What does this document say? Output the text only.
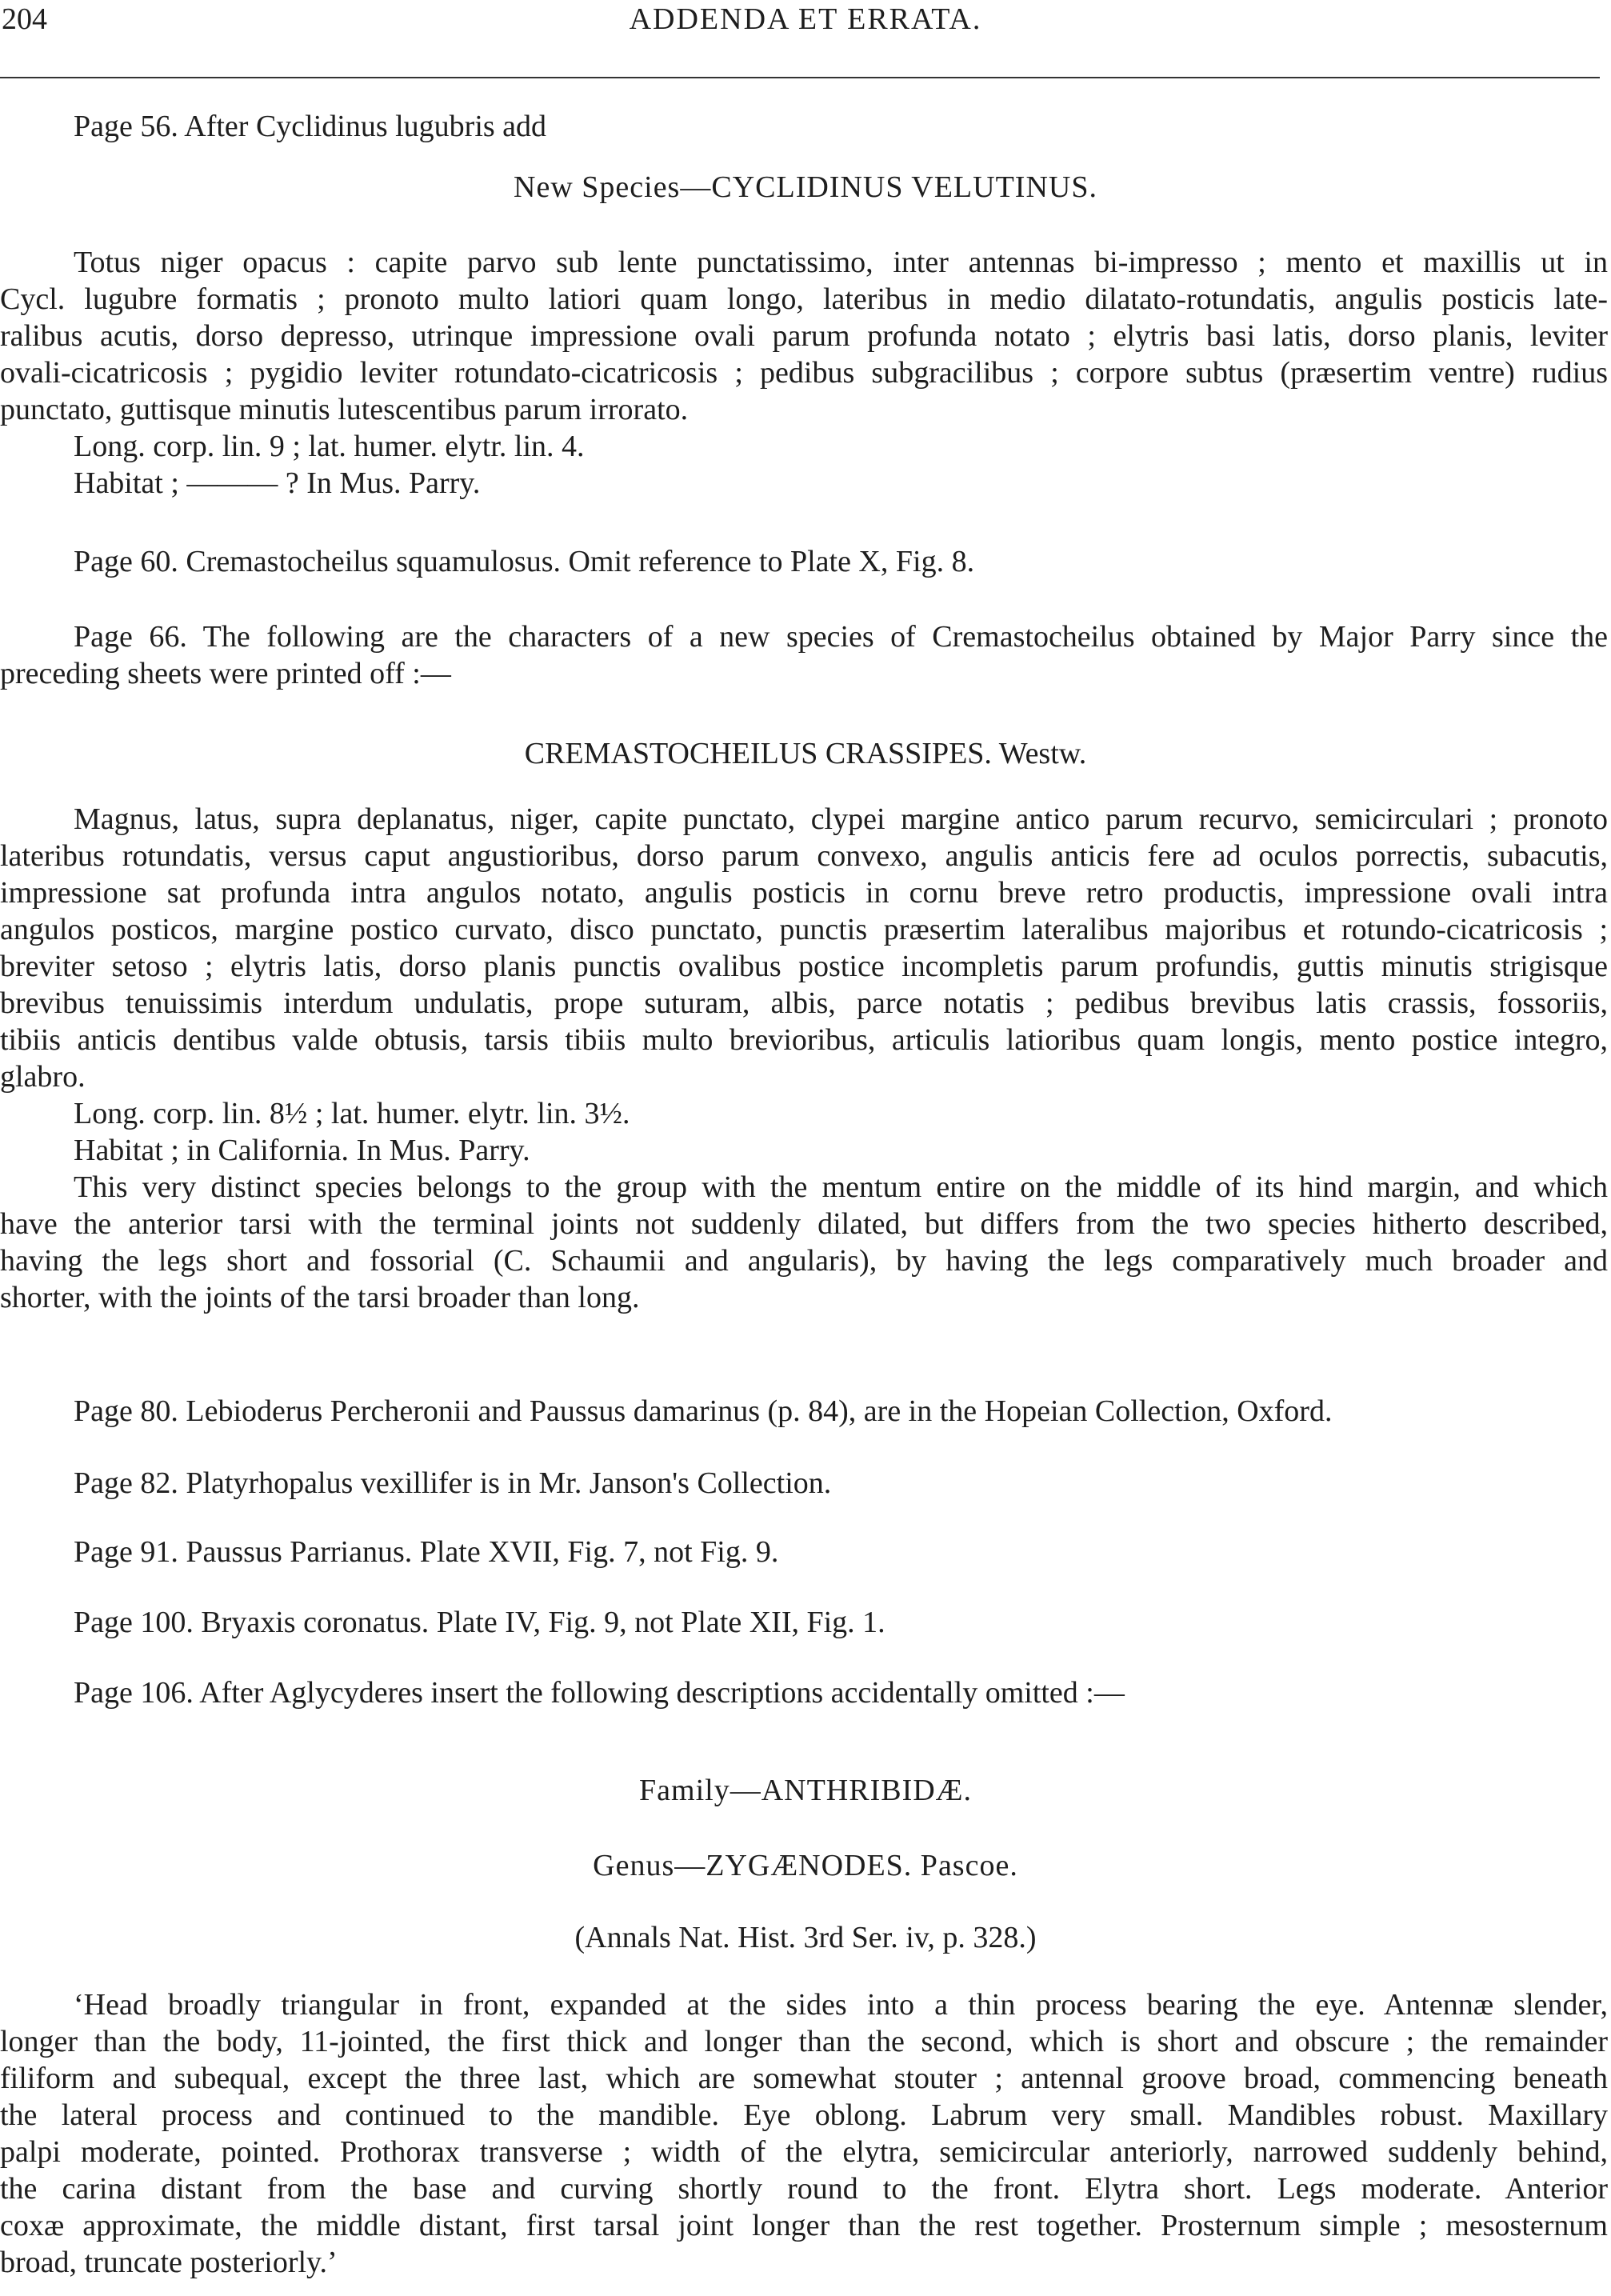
204	ADDENDA ET ERRATA.
Page 56. After Cyclidinus lugubris add
New Species—CYCLIDINUS VELUTINUS.
Totus niger opacus : capite parvo sub lente punctatissimo, inter antennas bi-impresso ; mento et maxillis ut in
Cycl. lugubre formatis ; pronoto multo latiori quam longo, lateribus in medio dilatato-rotundatis, angulis posticis late-
ralibus acutis, dorso depresso, utrinque impressione ovali parum profunda notato ; elytris basi latis, dorso planis, leviter
ovali-cicatricosis ; pygidio leviter rotundato-cicatricosis ; pedibus subgracilibus ; corpore subtus (præsertim ventre) rudius
punctato, guttisque minutis lutescentibus parum irrorato.
Long. corp. lin. 9 ; lat. humer. elytr. lin. 4.
Habitat ; ——— ? In Mus. Parry.
Page 60. Cremastocheilus squamulosus. Omit reference to Plate X, Fig. 8.
Page 66. The following are the characters of a new species of Cremastocheilus obtained by Major Parry since the
preceding sheets were printed off :—
CREMASTOCHEILUS CRASSIPES. Westw.
Magnus, latus, supra deplanatus, niger, capite punctato, clypei margine antico parum recurvo, semicirculari ; pronoto
lateribus rotundatis, versus caput angustioribus, dorso parum convexo, angulis anticis fere ad oculos porrectis, subacutis,
impressione sat profunda intra angulos notato, angulis posticis in cornu breve retro productis, impressione ovali intra
angulos posticos, margine postico curvato, disco punctato, punctis præsertim lateralibus majoribus et rotundo-cicatricosis ;
breviter setoso ; elytris latis, dorso planis punctis ovalibus postice incompletis parum profundis, guttis minutis strigisque
brevibus tenuissimis interdum undulatis, prope suturam, albis, parce notatis ; pedibus brevibus latis crassis, fossoriis,
tibiis anticis dentibus valde obtusis, tarsis tibiis multo brevioribus, articulis latioribus quam longis, mento postice integro,
glabro.
Long. corp. lin. 8½ ; lat. humer. elytr. lin. 3½.
Habitat ; in California. In Mus. Parry.
This very distinct species belongs to the group with the mentum entire on the middle of its hind margin, and which
have the anterior tarsi with the terminal joints not suddenly dilated, but differs from the two species hitherto described,
having the legs short and fossorial (C. Schaumii and angularis), by having the legs comparatively much broader and
shorter, with the joints of the tarsi broader than long.
Page 80. Lebioderus Percheronii and Paussus damarinus (p. 84), are in the Hopeian Collection, Oxford.
Page 82. Platyrhopalus vexillifer is in Mr. Janson's Collection.
Page 91. Paussus Parrianus. Plate XVII, Fig. 7, not Fig. 9.
Page 100. Bryaxis coronatus. Plate IV, Fig. 9, not Plate XII, Fig. 1.
Page 106. After Aglycyderes insert the following descriptions accidentally omitted :—
Family—ANTHRIBIDÆ.
Genus—ZYGÆNODES. Pascoe.
(Annals Nat. Hist. 3rd Ser. iv, p. 328.)
‘Head broadly triangular in front, expanded at the sides into a thin process bearing the eye. Antennæ slender,
longer than the body, 11-jointed, the first thick and longer than the second, which is short and obscure ; the remainder
filiform and subequal, except the three last, which are somewhat stouter ; antennal groove broad, commencing beneath
the lateral process and continued to the mandible. Eye oblong. Labrum very small. Mandibles robust. Maxillary
palpi moderate, pointed. Prothorax transverse ; width of the elytra, semicircular anteriorly, narrowed suddenly behind,
the carina distant from the base and curving shortly round to the front. Elytra short. Legs moderate. Anterior
coxæ approximate, the middle distant, first tarsal joint longer than the rest together. Prosternum simple ; mesosternum
broad, truncate posteriorly.’
